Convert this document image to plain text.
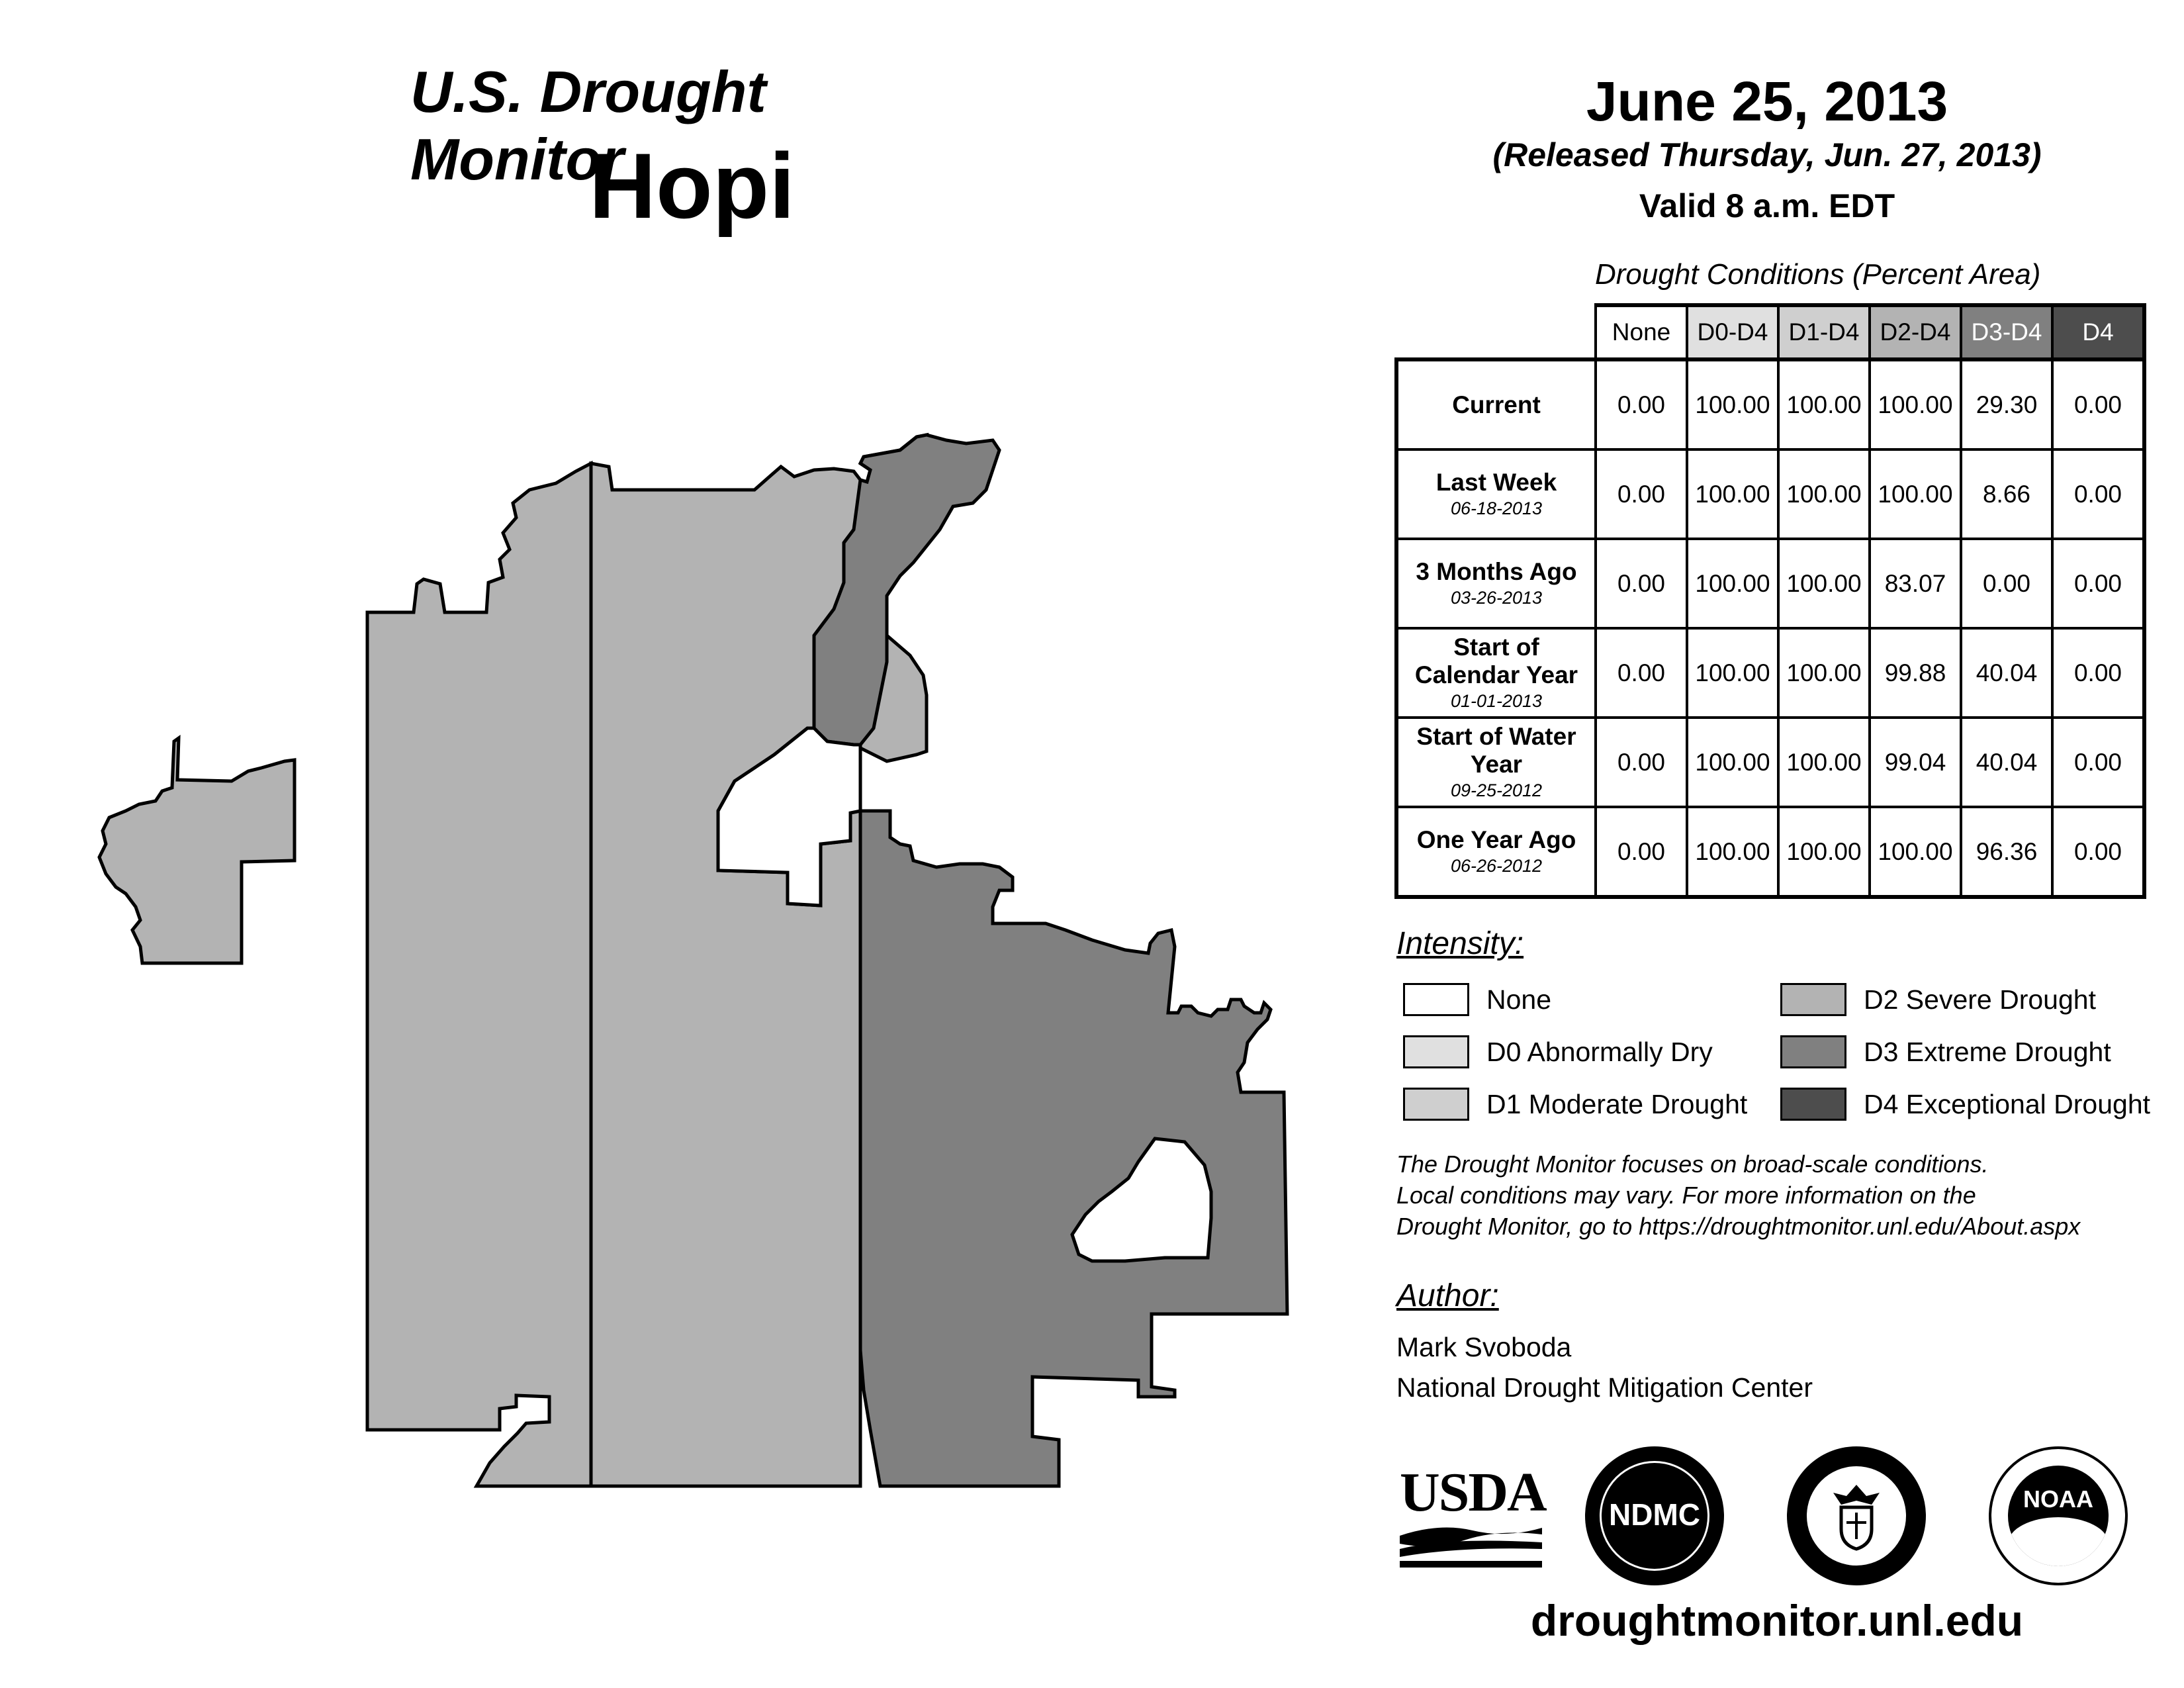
U.S. Drought Monitor
Hopi
June 25, 2013
(Released Thursday, Jun. 27, 2013)
Valid 8 a.m. EDT
Drought Conditions (Percent Area)
	None	D0-D4	D1-D4	D2-D4	D3-D4	D4
Current	0.00	100.00	100.00	100.00	29.30	0.00
Last Week
06-18-2013	0.00	100.00	100.00	100.00	8.66	0.00
3 Months Ago
03-26-2013	0.00	100.00	100.00	83.07	0.00	0.00
Start of Calendar Year
01-01-2013	0.00	100.00	100.00	99.88	40.04	0.00
Start of Water Year
09-25-2012	0.00	100.00	100.00	99.04	40.04	0.00
One Year Ago
06-26-2012	0.00	100.00	100.00	100.00	96.36	0.00
Intensity:
None
D0 Abnormally Dry
D1 Moderate Drought
D2 Severe Drought
D3 Extreme Drought
D4 Exceptional Drought
The Drought Monitor focuses on broad-scale conditions.
Local conditions may vary. For more information on the
Drought Monitor, go to https://droughtmonitor.unl.edu/About.aspx
Author:
Mark Svoboda
National Drought Mitigation Center
USDA	NDMC	NOAA
droughtmonitor.unl.edu
